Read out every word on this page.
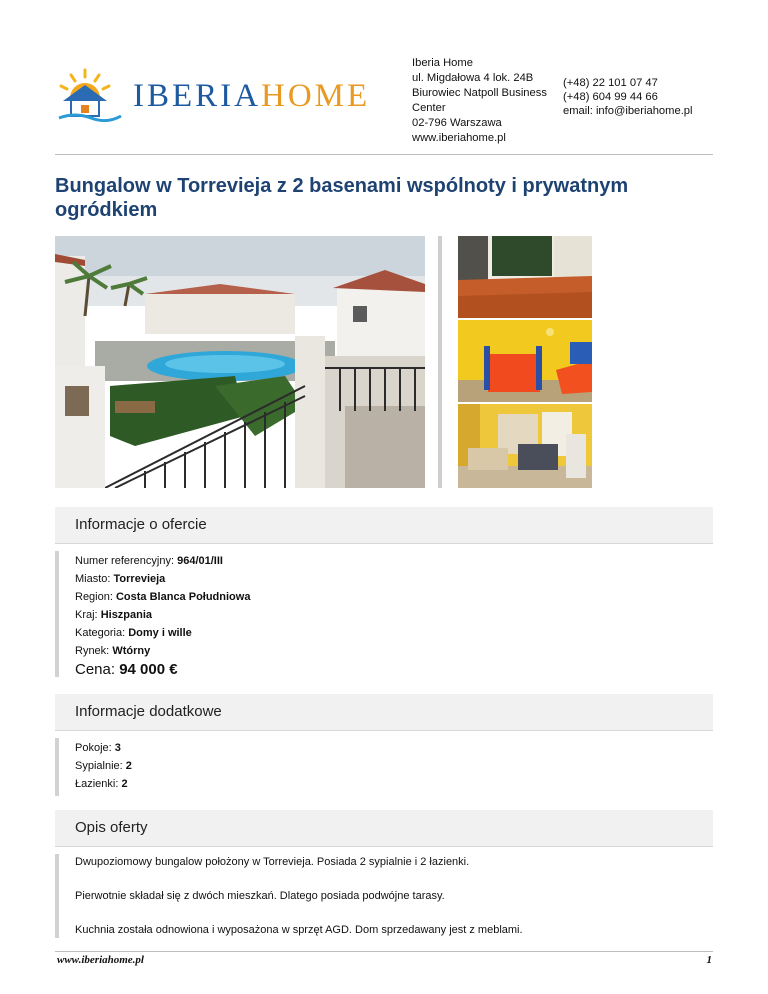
IBERIAHOME
Iberia Home
ul. Migdałowa 4 lok. 24B
Biurowiec Natpoll Business
Center
02-796 Warszawa
www.iberiahome.pl
(+48) 22 101 07 47
(+48) 604 99 44 66
email: info@iberiahome.pl
Bungalow w Torrevieja z 2 basenami wspólnoty i prywatnym
ogródkiem
Informacje o ofercie
Numer referencyjny: 964/01/III
Miasto: Torrevieja
Region: Costa Blanca Południowa
Kraj: Hiszpania
Kategoria: Domy i wille
Rynek: Wtórny
Cena: 94 000 €
Informacje dodatkowe
Pokoje: 3
Sypialnie: 2
Łazienki: 2
Opis oferty

Dwupoziomowy bungalow położony w Torrevieja. Posiada 2 sypialnie i 2 łazienki.

Pierwotnie składał się z dwóch mieszkań. Dlatego posiada podwójne tarasy.

Kuchnia została odnowiona i wyposażona w sprzęt AGD. Dom sprzedawany jest z meblami.

www.iberiahome.pl	1
